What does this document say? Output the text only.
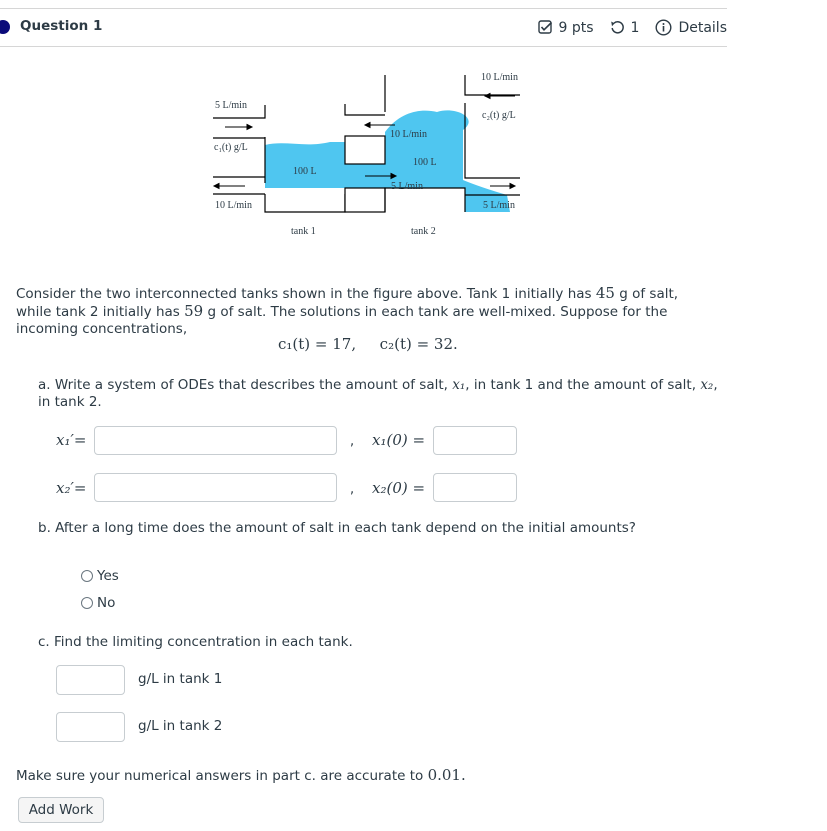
Question 1	9 pts	1	Details
5 L/min
c₁(t) g/L
10 L/min
100 L
tank 1
10 L/min
100 L
5 L/min
tank 2
10 L/min
c₂(t) g/L
5 L/min
Consider the two interconnected tanks shown in the figure above. Tank 1 initially has 45 g of salt, while tank 2 initially has 59 g of salt. The solutions in each tank are well-mixed. Suppose for the incoming concentrations,
c₁(t) = 17, c₂(t) = 32.
a. Write a system of ODEs that describes the amount of salt, x₁, in tank 1 and the amount of salt, x₂, in tank 2.
x₁′=	, x₁(0) =
x₂′=	, x₂(0) =
b. After a long time does the amount of salt in each tank depend on the initial amounts?
Yes
No
c. Find the limiting concentration in each tank.
g/L in tank 1
g/L in tank 2
Make sure your numerical answers in part c. are accurate to 0.01.
Add Work
